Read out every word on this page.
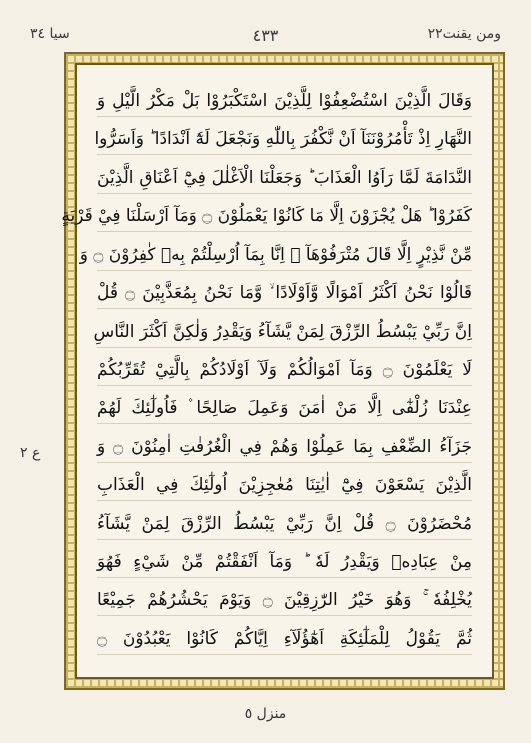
سیا ٣٤	٤٣٣	ومن يقنت٢٢
ع ٢
وَقَالَ الَّذِيْنَ اسْتُضْعِفُوْا لِلَّذِيْنَ اسْتَكْبَرُوْا بَلْ مَكْرُ الَّيْلِ وَ
النَّهَارِ اِذْ تَأْمُرُوْنَنَآ اَنْ نَّكْفُرَ بِاللّٰهِ وَنَجْعَلَ لَهٗٓ اَنْدَادًا ؕ وَاَسَرُّوا
النَّدَامَةَ لَمَّا رَاَوُا الْعَذَابَ ؕ وَجَعَلْنَا الْاَغْلٰلَ فِيْٓ اَعْنَاقِ الَّذِيْنَ
كَفَرُوْا ؕ هَلْ يُجْزَوْنَ اِلَّا مَا كَانُوْا يَعْمَلُوْنَ ۝ وَمَآ اَرْسَلْنَا فِيْ قَرْيَةٍ
مِّنْ نَّذِيْرٍ اِلَّا قَالَ مُتْرَفُوْهَآ ۙ اِنَّا بِمَآ اُرْسِلْتُمْ بِهٖ كٰفِرُوْنَ ۝ وَ
قَالُوْا نَحْنُ اَكْثَرُ اَمْوَالًا وَّاَوْلَادًا ۙ وَّمَا نَحْنُ بِمُعَذَّبِيْنَ ۝ قُلْ
اِنَّ رَبِّيْ يَبْسُطُ الرِّزْقَ لِمَنْ يَّشَآءُ وَيَقْدِرُ وَلٰكِنَّ اَكْثَرَ النَّاسِ
لَا يَعْلَمُوْنَ ۝ وَمَآ اَمْوَالُكُمْ وَلَآ اَوْلَادُكُمْ بِالَّتِيْ تُقَرِّبُكُمْ
عِنْدَنَا زُلْفٰٓى اِلَّا مَنْ اٰمَنَ وَعَمِلَ صَالِحًا ۫ فَاُولٰٓئِكَ لَهُمْ
جَزَآءُ الضِّعْفِ بِمَا عَمِلُوْا وَهُمْ فِي الْغُرُفٰتِ اٰمِنُوْنَ ۝ وَ
الَّذِيْنَ يَسْعَوْنَ فِيْٓ اٰيٰتِنَا مُعٰجِزِيْنَ اُولٰٓئِكَ فِي الْعَذَابِ
مُحْضَرُوْنَ ۝ قُلْ اِنَّ رَبِّيْ يَبْسُطُ الرِّزْقَ لِمَنْ يَّشَآءُ
مِنْ عِبَادِهٖ وَيَقْدِرُ لَهٗ ؕ وَمَآ اَنْفَقْتُمْ مِّنْ شَيْءٍ فَهُوَ
يُخْلِفُهٗ ۚ وَهُوَ خَيْرُ الرّٰزِقِيْنَ ۝ وَيَوْمَ يَحْشُرُهُمْ جَمِيْعًا
ثُمَّ يَقُوْلُ لِلْمَلٰٓئِكَةِ اَهٰٓؤُلَآءِ اِيَّاكُمْ كَانُوْا يَعْبُدُوْنَ ۝
منزل ٥
